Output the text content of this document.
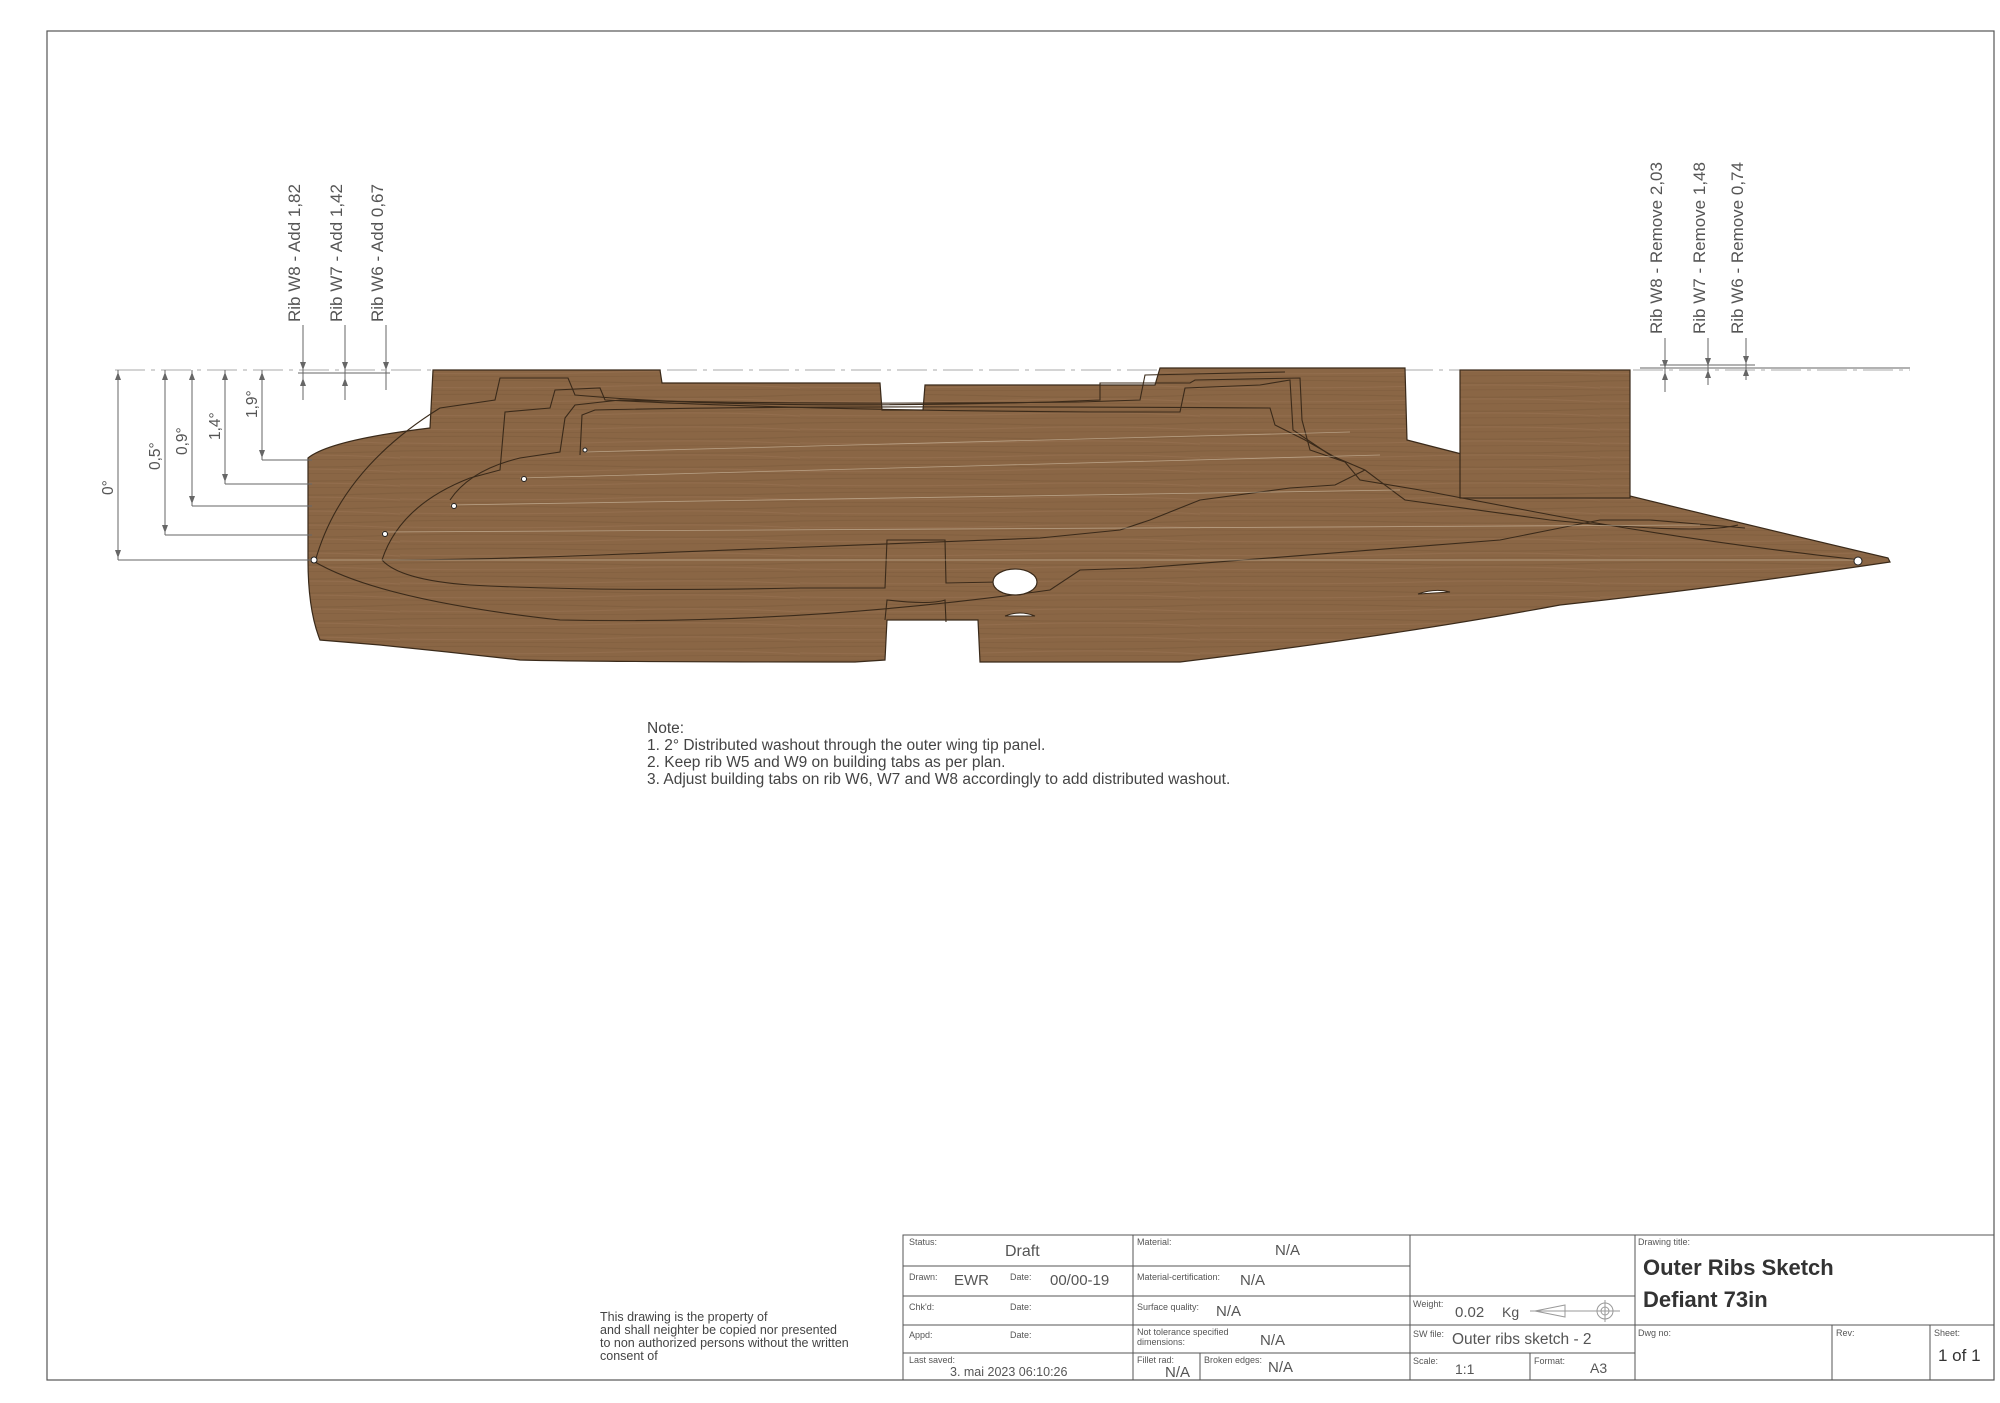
0°
0,5°
0,9°
1,4°
1,9°
Rib W8 - Add 1,82 Rib W7 - Add 1,42 Rib W6 - Add 0,67	Rib W8 - Remove 2,03 Rib W7 - Remove 1,48 Rib W6 - Remove 0,74
Note:
1. 2° Distributed washout through the outer wing tip panel.
2. Keep rib W5 and W9 on building tabs as per plan.
3. Adjust building tabs on rib W6, W7 and W8 accordingly to add distributed washout.
This drawing is the property of
and shall neighter be copied nor presented
to non authorized persons without the written
consent of
Status:
Draft
Drawn: EWR Date: 00/00-19
Chk'd:	Date:
Appd:	Date:
Last saved:
3. mai 2023 06:10:26
Material:	N/A
Material-certification: N/A
Surface quality: N/A
Not tolerance specified
dimensions:	N/A
Fillet rad:
N/A
Broken edges: N/A
Weight: 0.02 Kg
SW file: Outer ribs sketch - 2
Scale: 1:1	Format: A3
Drawing title:
Outer Ribs Sketch
Defiant 73in
Dwg no:	Rev:	Sheet:
1 of 1
